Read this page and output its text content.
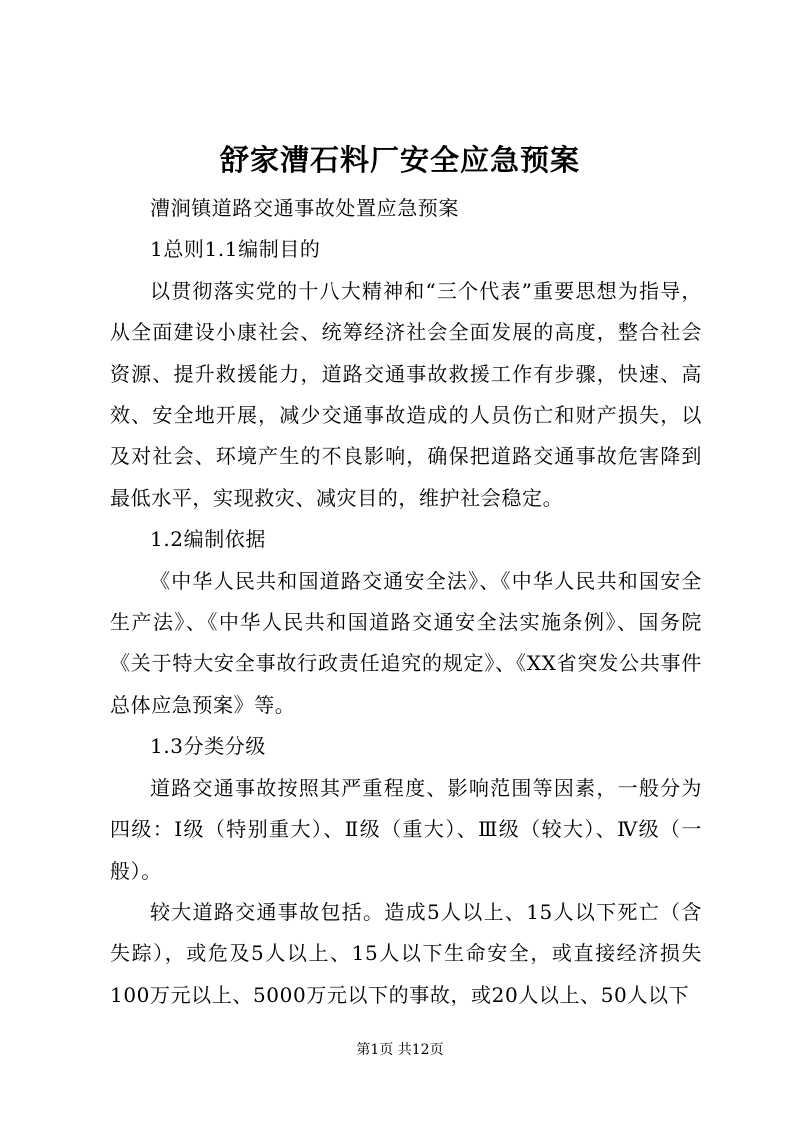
舒家漕石料厂安全应急预案

漕涧镇道路交通事故处置应急预案

1总则1.1编制目的

以贯彻落实党的十八大精神和“三个代表”重要思想为指导，从全面建设小康社会、统筹经济社会全面发展的高度，整合社会资源、提升救援能力，道路交通事故救援工作有步骤，快速、高效、安全地开展，减少交通事故造成的人员伤亡和财产损失，以及对社会、环境产生的不良影响，确保把道路交通事故危害降到最低水平，实现救灾、减灾目的，维护社会稳定。

1.2编制依据

《中华人民共和国道路交通安全法》、《中华人民共和国安全生产法》、《中华人民共和国道路交通安全法实施条例》、国务院《关于特大安全事故行政责任追究的规定》、《XX省突发公共事件总体应急预案》等。

1.3分类分级

道路交通事故按照其严重程度、影响范围等因素，一般分为四级：Ⅰ级（特别重大）、Ⅱ级（重大）、Ⅲ级（较大）、Ⅳ级（一般）。

较大道路交通事故包括。造成5人以上、15人以下死亡（含失踪），或危及5人以上、15人以下生命安全，或直接经济损失100万元以上、5000万元以下的事故，或20人以上、50人以下

第1页 共12页
